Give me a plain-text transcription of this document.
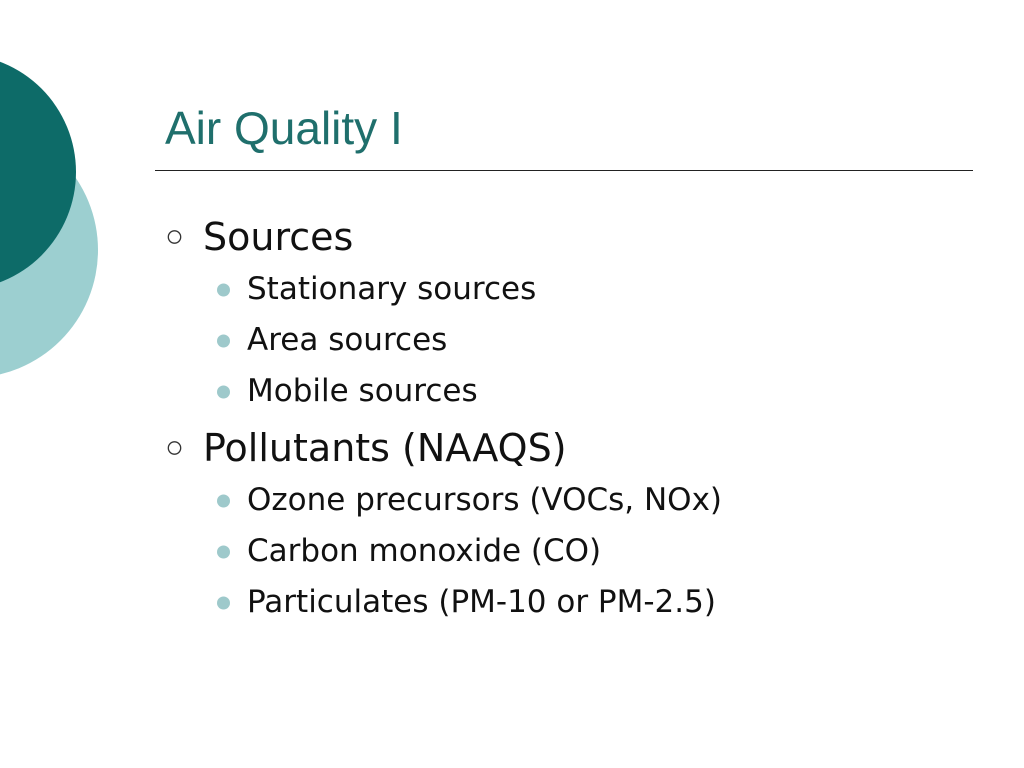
Air Quality I
Sources
Stationary sources
Area sources
Mobile sources
Pollutants (NAAQS)
Ozone precursors (VOCs, NOx)
Carbon monoxide (CO)
Particulates (PM-10 or PM-2.5)
